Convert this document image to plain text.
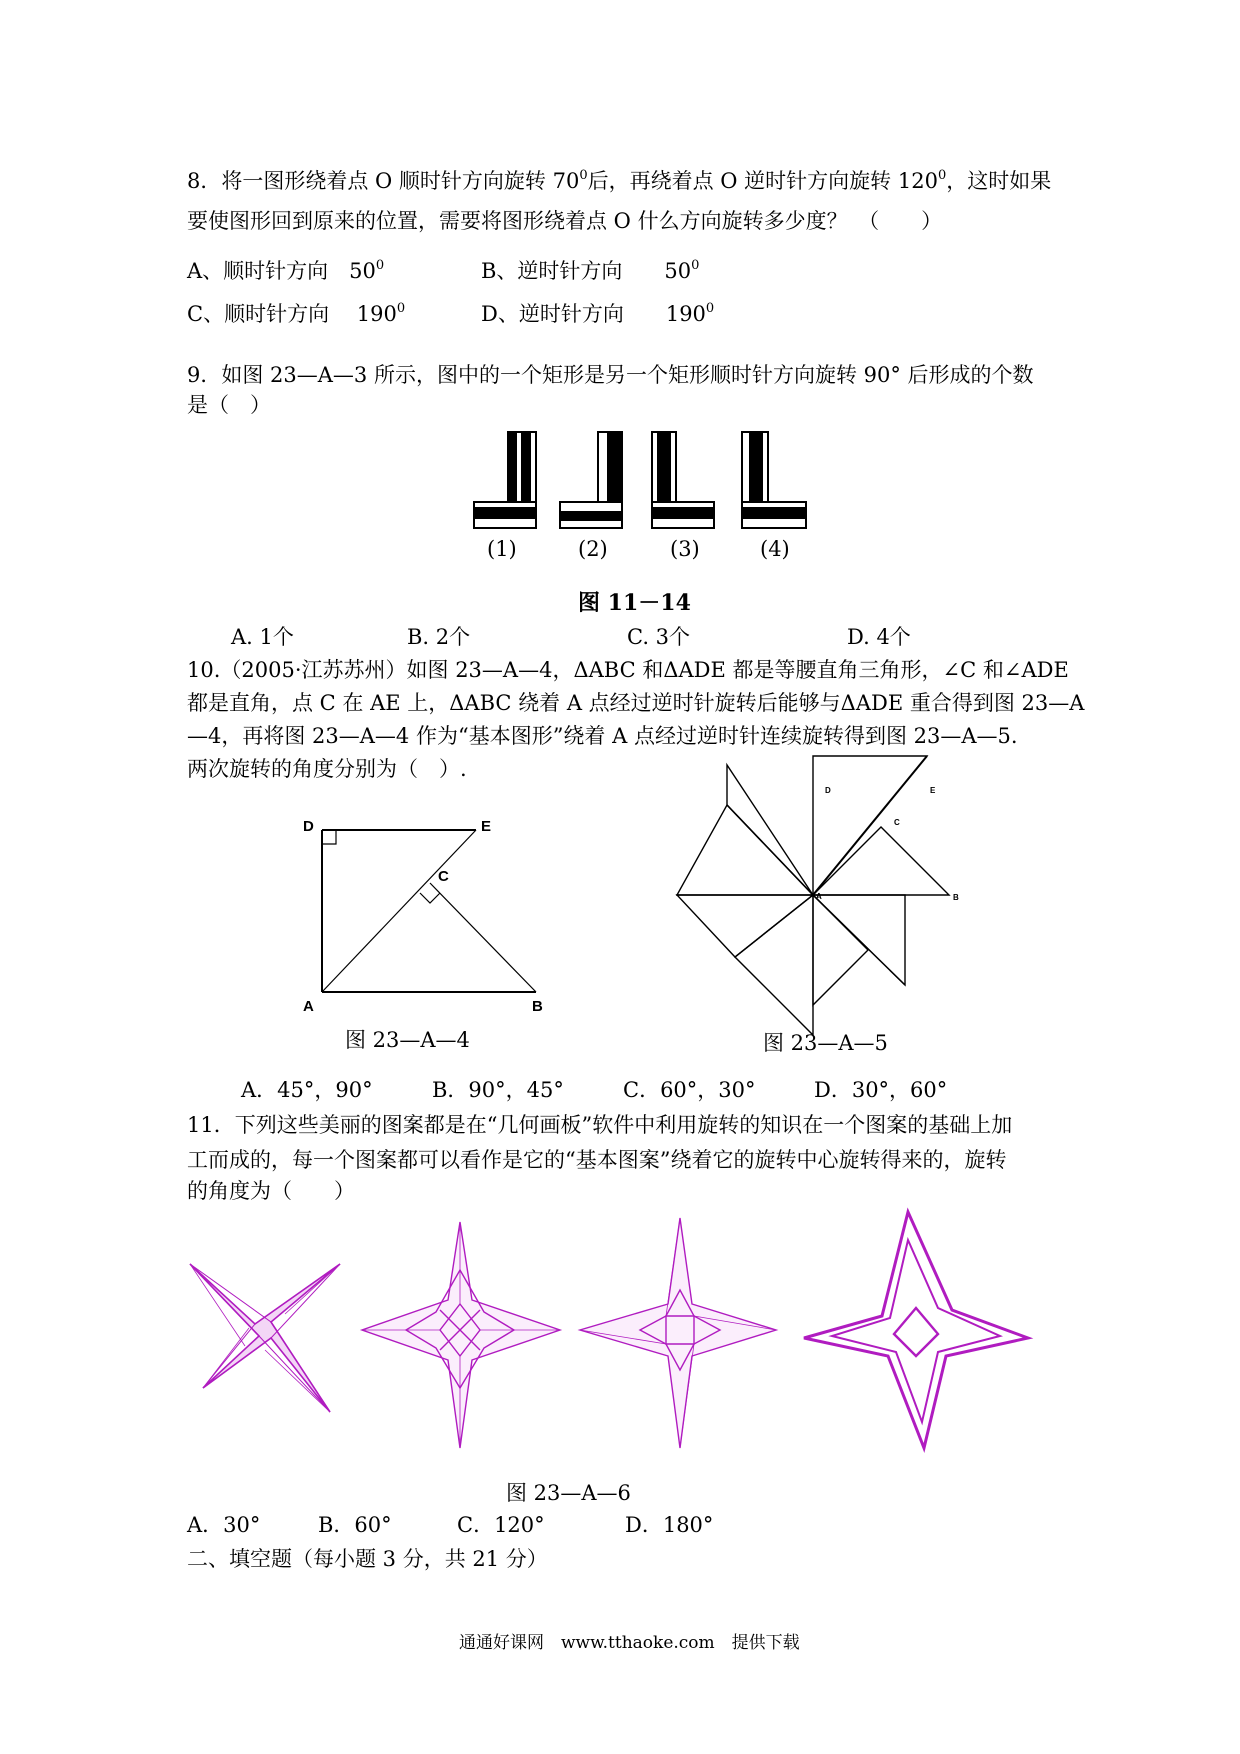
8．将一图形绕着点 O 顺时针方向旋转 $70^0$后，再绕着点 O 逆时针方向旋转 $120^0$，这时如果
要使图形回到原来的位置，需要将图形绕着点 O 什么方向旋转多少度？　（　　）
A、顺时针方向　$50^0$	B、逆时针方向　　$50^0$
C、顺时针方向　 $190^0$	D、逆时针方向　　$190^0$
9．如图 23—A—3 所示，图中的一个矩形是另一个矩形顺时针方向旋转 90° 后形成的个数
是（　）
(1)	(2)	(3)	(4)
图 11－14
A. 1个	B. 2个	C. 3个	D. 4个
10.（2005·江苏苏州）如图 23—A—4，ΔABC 和ΔADE 都是等腰直角三角形，∠C 和∠ADE
都是直角，点 C 在 AE 上，ΔABC 绕着 A 点经过逆时针旋转后能够与ΔADE 重合得到图 23—A
—4，再将图 23—A—4 作为“基本图形”绕着 A 点经过逆时针连续旋转得到图 23—A—5.
两次旋转的角度分别为（　）.
D	E
C
A	B
图 23—A—4
D	E
C
A	B
图 23—A—5
A．45°，90°	B．90°，45°	C．60°，30°	D．30°，60°
11．下列这些美丽的图案都是在“几何画板”软件中利用旋转的知识在一个图案的基础上加
工而成的，每一个图案都可以看作是它的“基本图案”绕着它的旋转中心旋转得来的，旋转
的角度为（　　）
图 23—A—6
A．30°	B．60°	C．120°	D．180°
二、填空题（每小题 3 分，共 21 分）
通通好课网　www.tthaoke.com　提供下载
